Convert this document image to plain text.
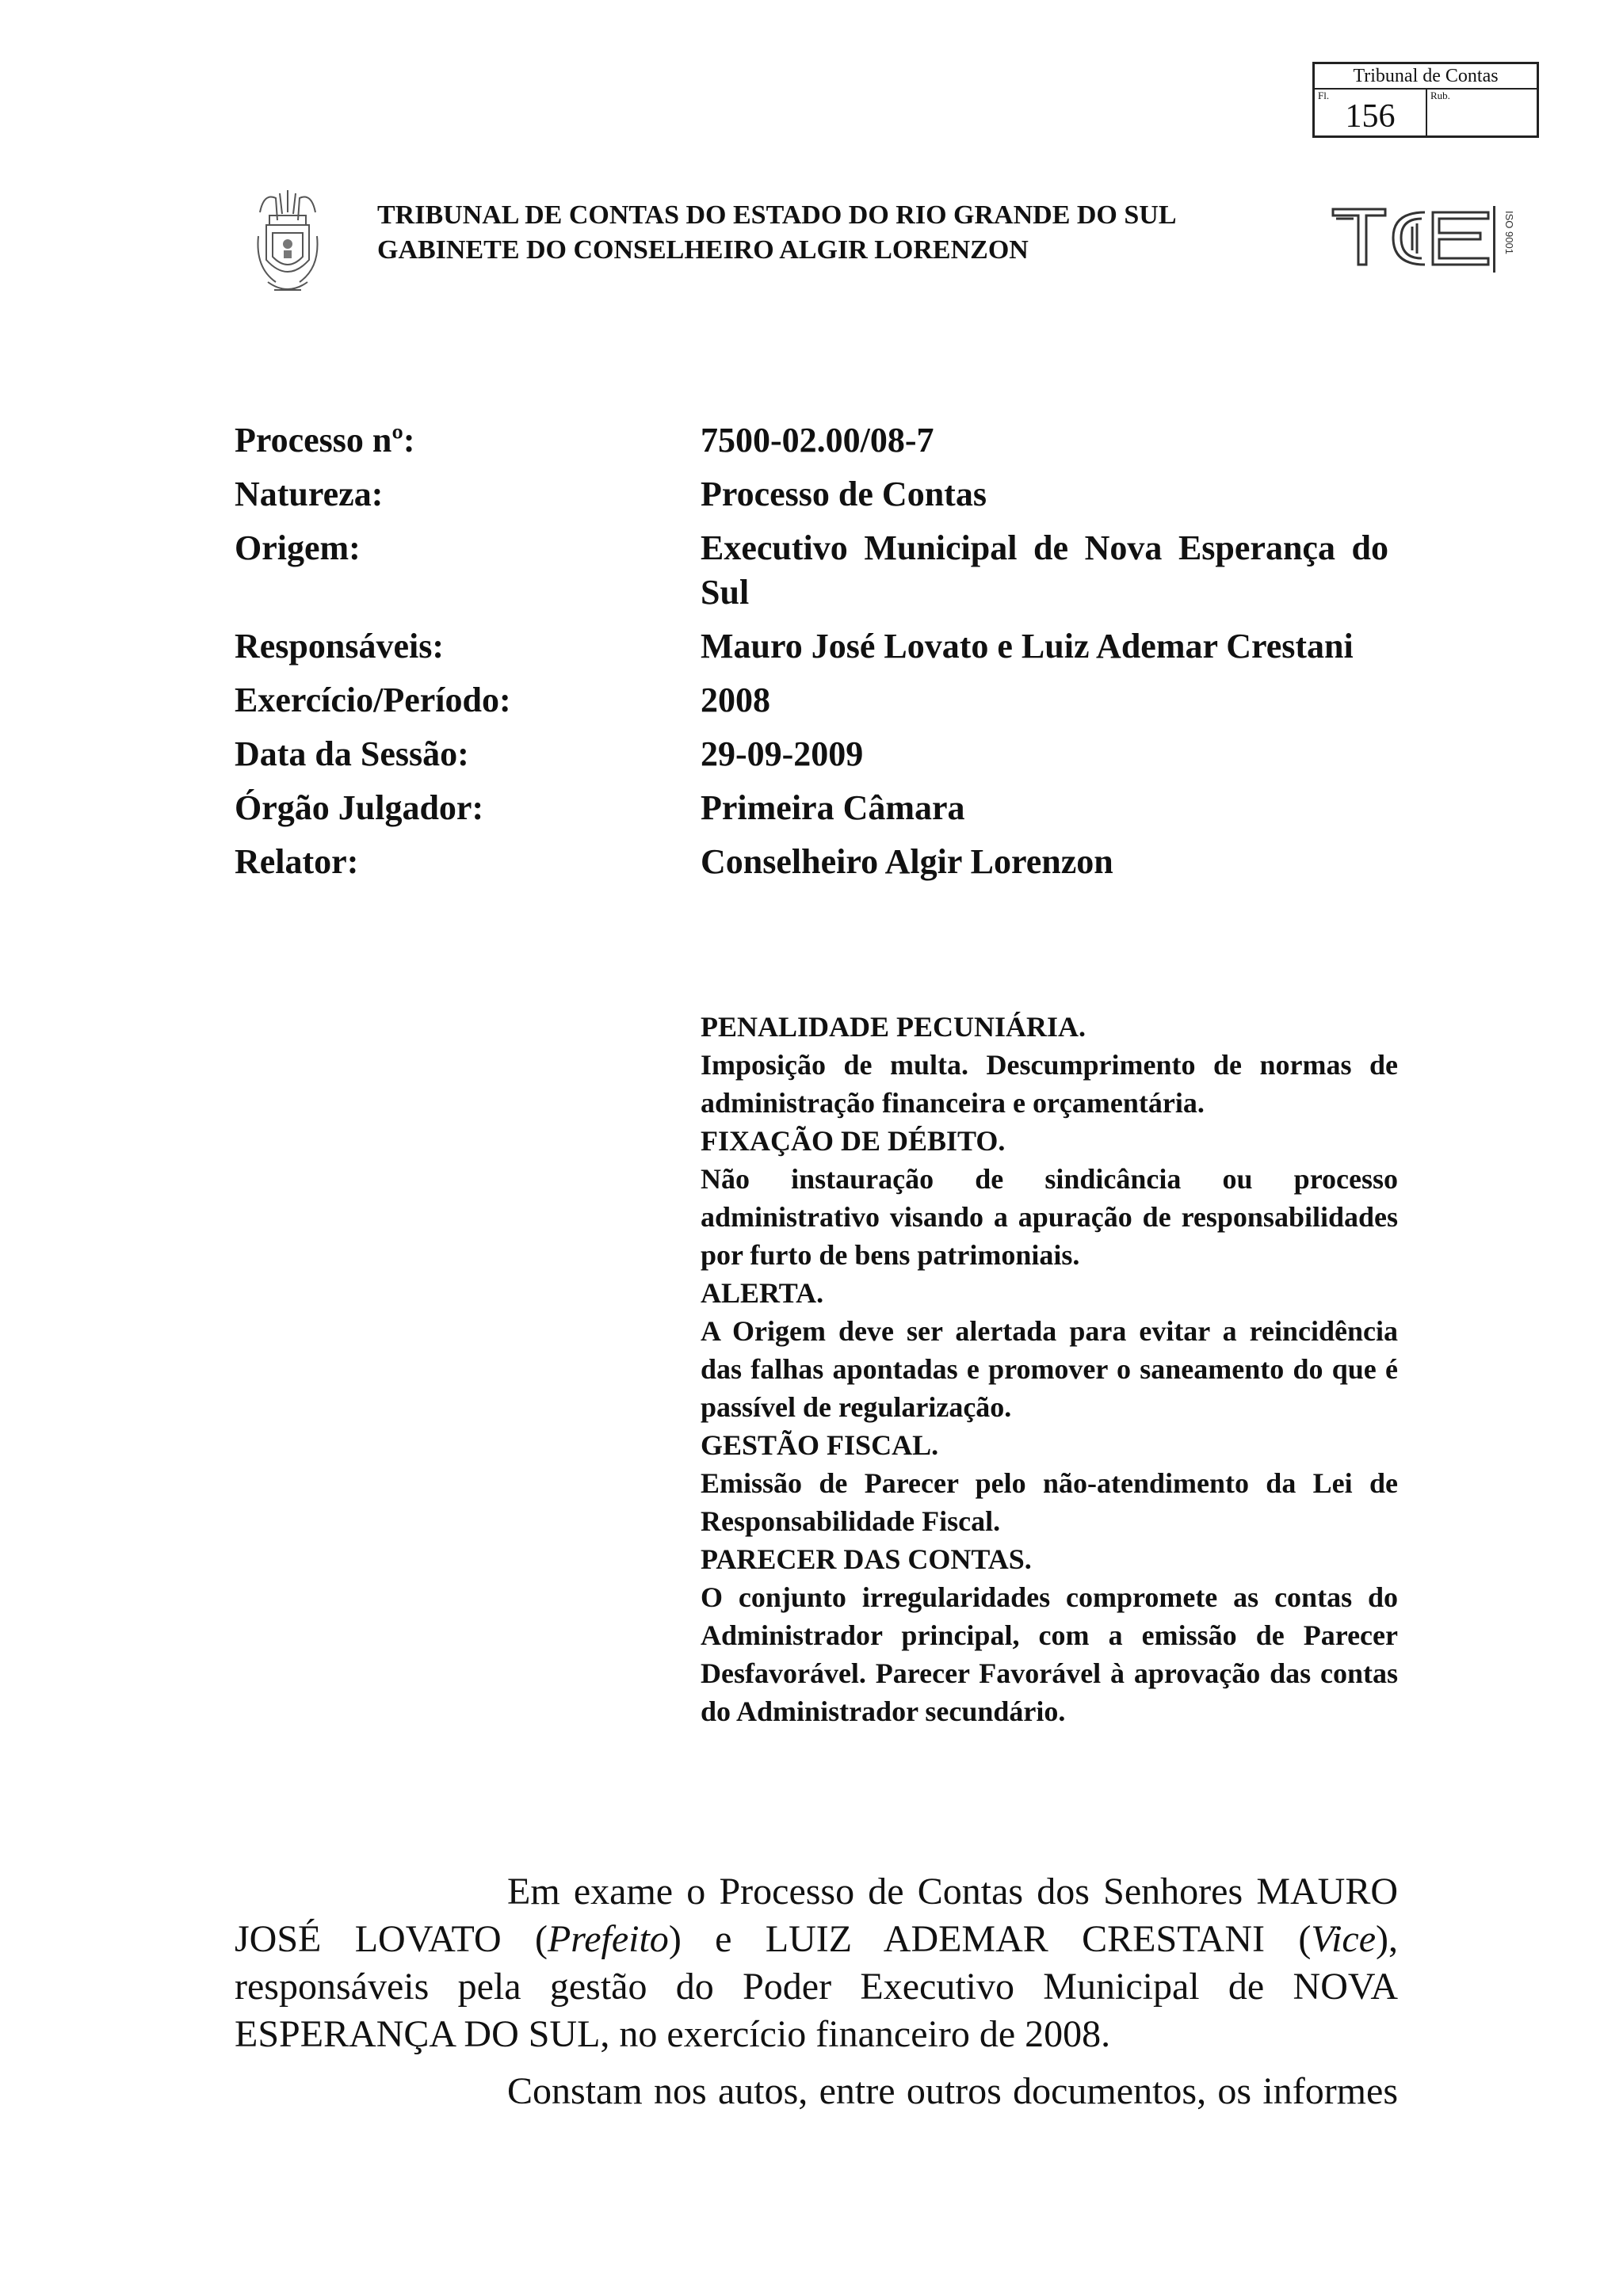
Tribunal de Contas
Fl.
156
Rub.
TRIBUNAL DE CONTAS DO ESTADO DO RIO GRANDE DO SUL
GABINETE DO CONSELHEIRO ALGIR LORENZON	ISO 9001
Processo nº:	7500-02.00/08-7
Natureza:	Processo de Contas
Origem:	Executivo Municipal de Nova Esperança do Sul
Responsáveis:	Mauro José Lovato e Luiz Ademar Crestani
Exercício/Período:	2008
Data da Sessão:	29-09-2009
Órgão Julgador:	Primeira Câmara
Relator:	Conselheiro Algir Lorenzon

PENALIDADE PECUNIÁRIA.

Imposição de multa. Descumprimento de normas de administração financeira e orçamentária.

FIXAÇÃO DE DÉBITO.

Não instauração de sindicância ou processo administrativo visando a apuração de responsabilidades por furto de bens patrimoniais.

ALERTA.

A Origem deve ser alertada para evitar a reincidência das falhas apontadas e promover o saneamento do que é passível de regularização.

GESTÃO FISCAL.

Emissão de Parecer pelo não-atendimento da Lei de Responsabilidade Fiscal.

PARECER DAS CONTAS.

O conjunto irregularidades compromete as contas do Administrador principal, com a emissão de Parecer Desfavorável. Parecer Favorável à aprovação das contas do Administrador secundário.

Em exame o Processo de Contas dos Senhores MAURO JOSÉ LOVATO (Prefeito) e LUIZ ADEMAR CRESTANI (Vice), responsáveis pela gestão do Poder Executivo Municipal de NOVA ESPERANÇA DO SUL, no exercício financeiro de 2008.

Constam nos autos, entre outros documentos, os informes
